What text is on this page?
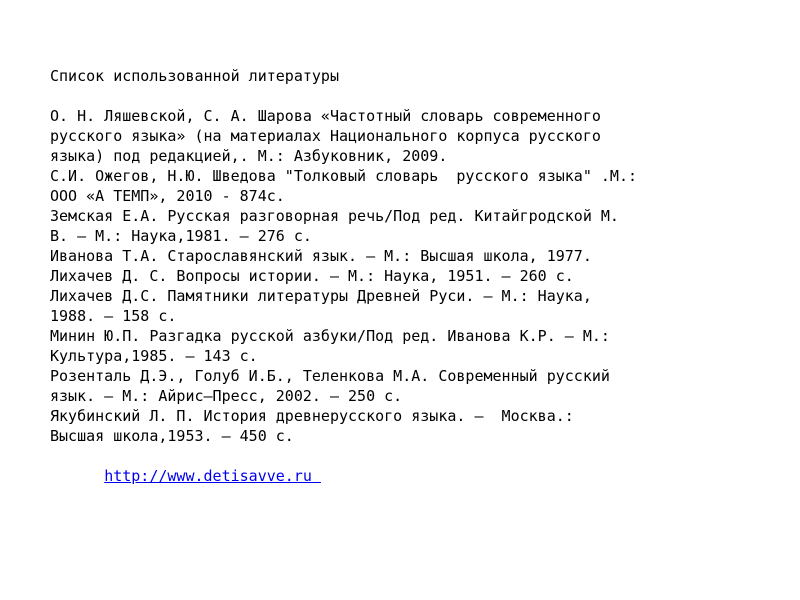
Список использованной литературы
О. Н. Ляшевской, С. А. Шарова «Частотный словарь современного
русского языка» (на материалах Национального корпуса русского
языка) под редакцией,. М.: Азбуковник, 2009.
С.И. Ожегов, Н.Ю. Шведова "Толковый словарь  русского языка" .М.:
ООО «А ТЕМП», 2010 - 874с.
Земская Е.А. Русская разговорная речь/Под ред. Китайгродской М.
В. — М.: Наука,1981. — 276 с.
Иванова Т.А. Старославянский язык. – М.: Высшая школа, 1977.
Лихачев Д. С. Вопросы истории. – М.: Наука, 1951. – 260 с.
Лихачев Д.С. Памятники литературы Древней Руси. – М.: Наука,
1988. – 158 с.
Минин Ю.П. Разгадка русской азбуки/Под ред. Иванова К.Р. — М.:
Культура,1985. — 143 с.
Розенталь Д.Э., Голуб И.Б., Теленкова М.А. Современный русский
язык. — М.: Айрис—Пресс, 2002. — 250 с.
Якубинский Л. П. История древнерусского языка. —  Москва.:
Высшая школа,1953. – 450 с.

http://www.detisavve.ru
